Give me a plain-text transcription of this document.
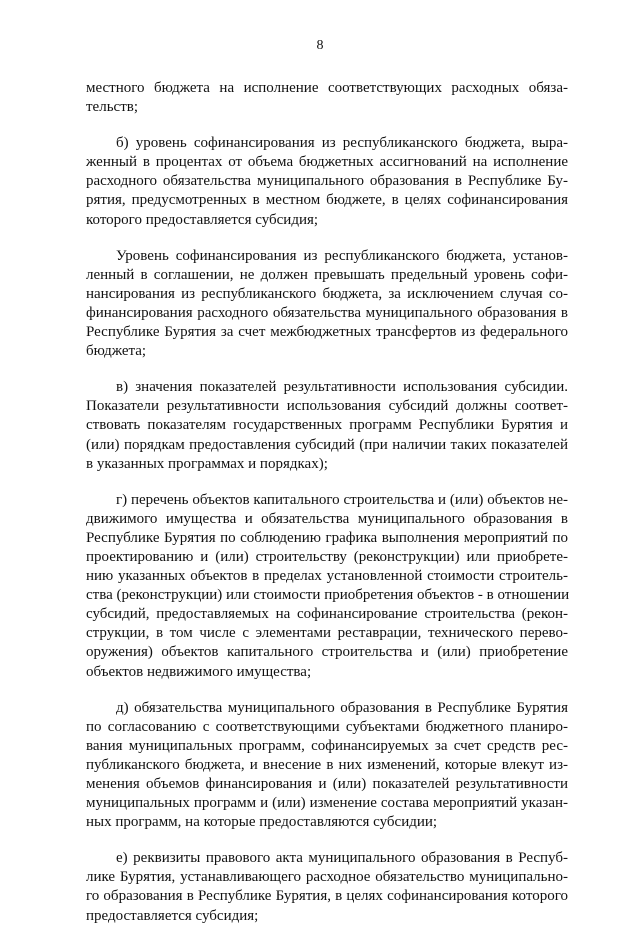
8
местного бюджета на исполнение соответствующих расходных обяза-
тельств;
б) уровень софинансирования из республиканского бюджета, выра-
женный в процентах от объема бюджетных ассигнований на исполнение
расходного обязательства муниципального образования в Республике Бу-
рятия, предусмотренных в местном бюджете, в целях софинансирования
которого предоставляется субсидия;
Уровень софинансирования из республиканского бюджета, установ-
ленный в соглашении, не должен превышать предельный уровень софи-
нансирования из республиканского бюджета, за исключением случая со-
финансирования расходного обязательства муниципального образования в
Республике Бурятия за счет межбюджетных трансфертов из федерального
бюджета;
в) значения показателей результативности использования субсидии.
Показатели результативности использования субсидий должны соответ-
ствовать показателям государственных программ Республики Бурятия и
(или) порядкам предоставления субсидий (при наличии таких показателей
в указанных программах и порядках);
г) перечень объектов капитального строительства и (или) объектов не-
движимого имущества и обязательства муниципального образования в
Республике Бурятия по соблюдению графика выполнения мероприятий по
проектированию и (или) строительству (реконструкции) или приобрете-
нию указанных объектов в пределах установленной стоимости строитель-
ства (реконструкции) или стоимости приобретения объектов - в отношении
субсидий, предоставляемых на софинансирование строительства (рекон-
струкции, в том числе с элементами реставрации, технического перево-
оружения) объектов капитального строительства и (или) приобретение
объектов недвижимого имущества;
д) обязательства муниципального образования в Республике Бурятия
по согласованию с соответствующими субъектами бюджетного планиро-
вания муниципальных программ, софинансируемых за счет средств рес-
публиканского бюджета, и внесение в них изменений, которые влекут из-
менения объемов финансирования и (или) показателей результативности
муниципальных программ и (или) изменение состава мероприятий указан-
ных программ, на которые предоставляются субсидии;
е) реквизиты правового акта муниципального образования в Респуб-
лике Бурятия, устанавливающего расходное обязательство муниципально-
го образования в Республике Бурятия, в целях софинансирования которого
предоставляется субсидия;
